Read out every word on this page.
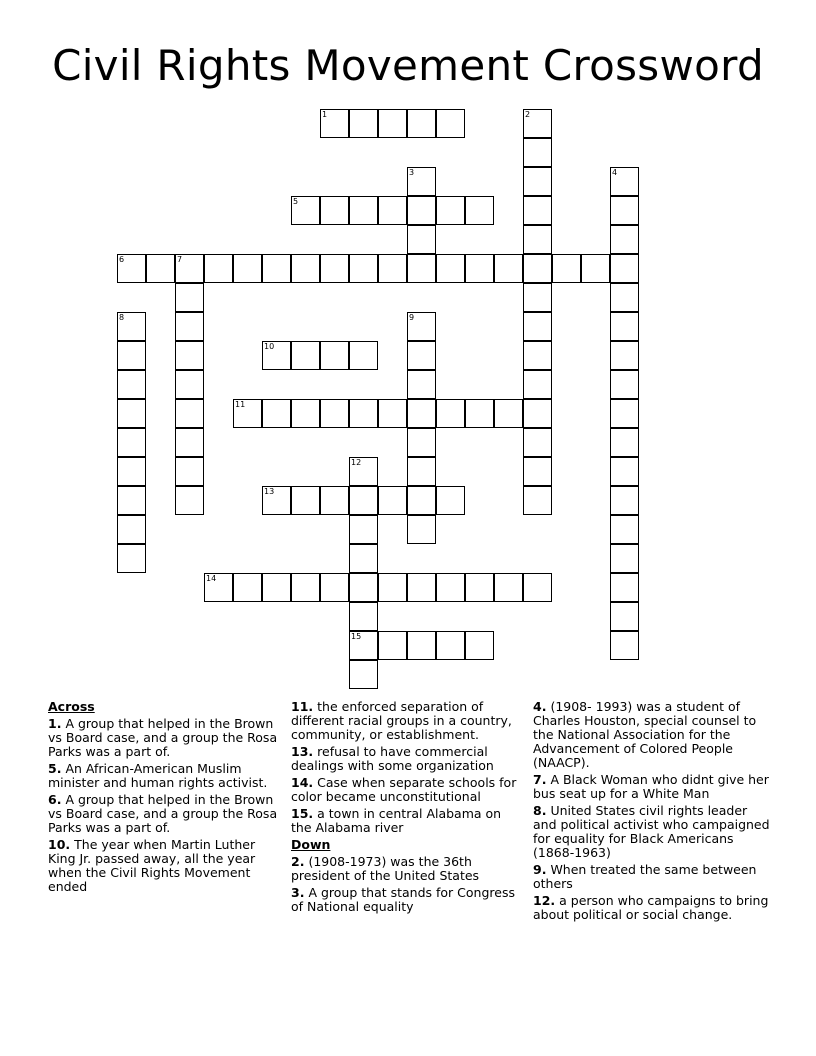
Civil Rights Movement Crossword
1
5
6	7
10
11
13
14
15
2
3	4
8	9
12
Across
1. A group that helped in the Brown vs Board case, and a group the Rosa Parks was a part of.
5. An African-American Muslim minister and human rights activist.
6. A group that helped in the Brown vs Board case, and a group the Rosa Parks was a part of.
10. The year when Martin Luther King Jr. passed away, all the year when the Civil Rights Movement ended
11. the enforced separation of different racial groups in a country, community, or establishment.
13. refusal to have commercial dealings with some organization
14. Case when separate schools for color became unconstitutional
15. a town in central Alabama on the Alabama river
Down
2. (1908-1973) was the 36th president of the United States
3. A group that stands for Congress of National equality
4. (1908- 1993) was a student of Charles Houston, special counsel to the National Association for the Advancement of Colored People (NAACP).
7. A Black Woman who didnt give her bus seat up for a White Man
8. United States civil rights leader and political activist who campaigned for equality for Black Americans (1868-1963)
9. When treated the same between others
12. a person who campaigns to bring about political or social change.
